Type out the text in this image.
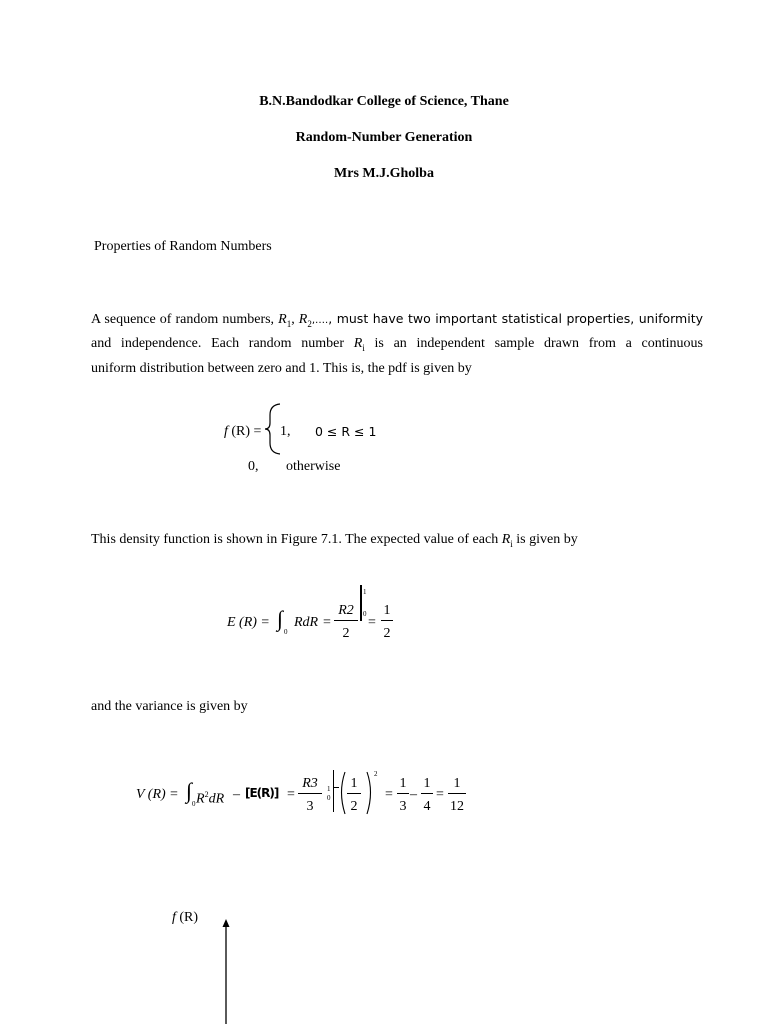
B.N.Bandodkar College of Science, Thane
Random-Number Generation
Mrs M.J.Gholba
Properties of Random Numbers
A sequence of random numbers, $R_1$, $R_2,\dots$., must have two important statistical properties, uniformity
and independence. Each random number $R_i$ is an independent sample drawn from a continuous
uniform distribution between zero and 1. This is, the pdf is given by
f (R) = 1, 0 ≤ R ≤ 1
0, otherwise
This density function is shown in Figure 7.1. The expected value of each $R_i$ is given by
E (R) = ∫
0
RdR =
R2
2
1
0
=
1
2
and the variance is given by
V (R) = ∫
0 $R^2dR - [E(R)]$ =
R3
3
1
0
1
2
2
=
1
3
–
1
4
=
1
12
f (R)
